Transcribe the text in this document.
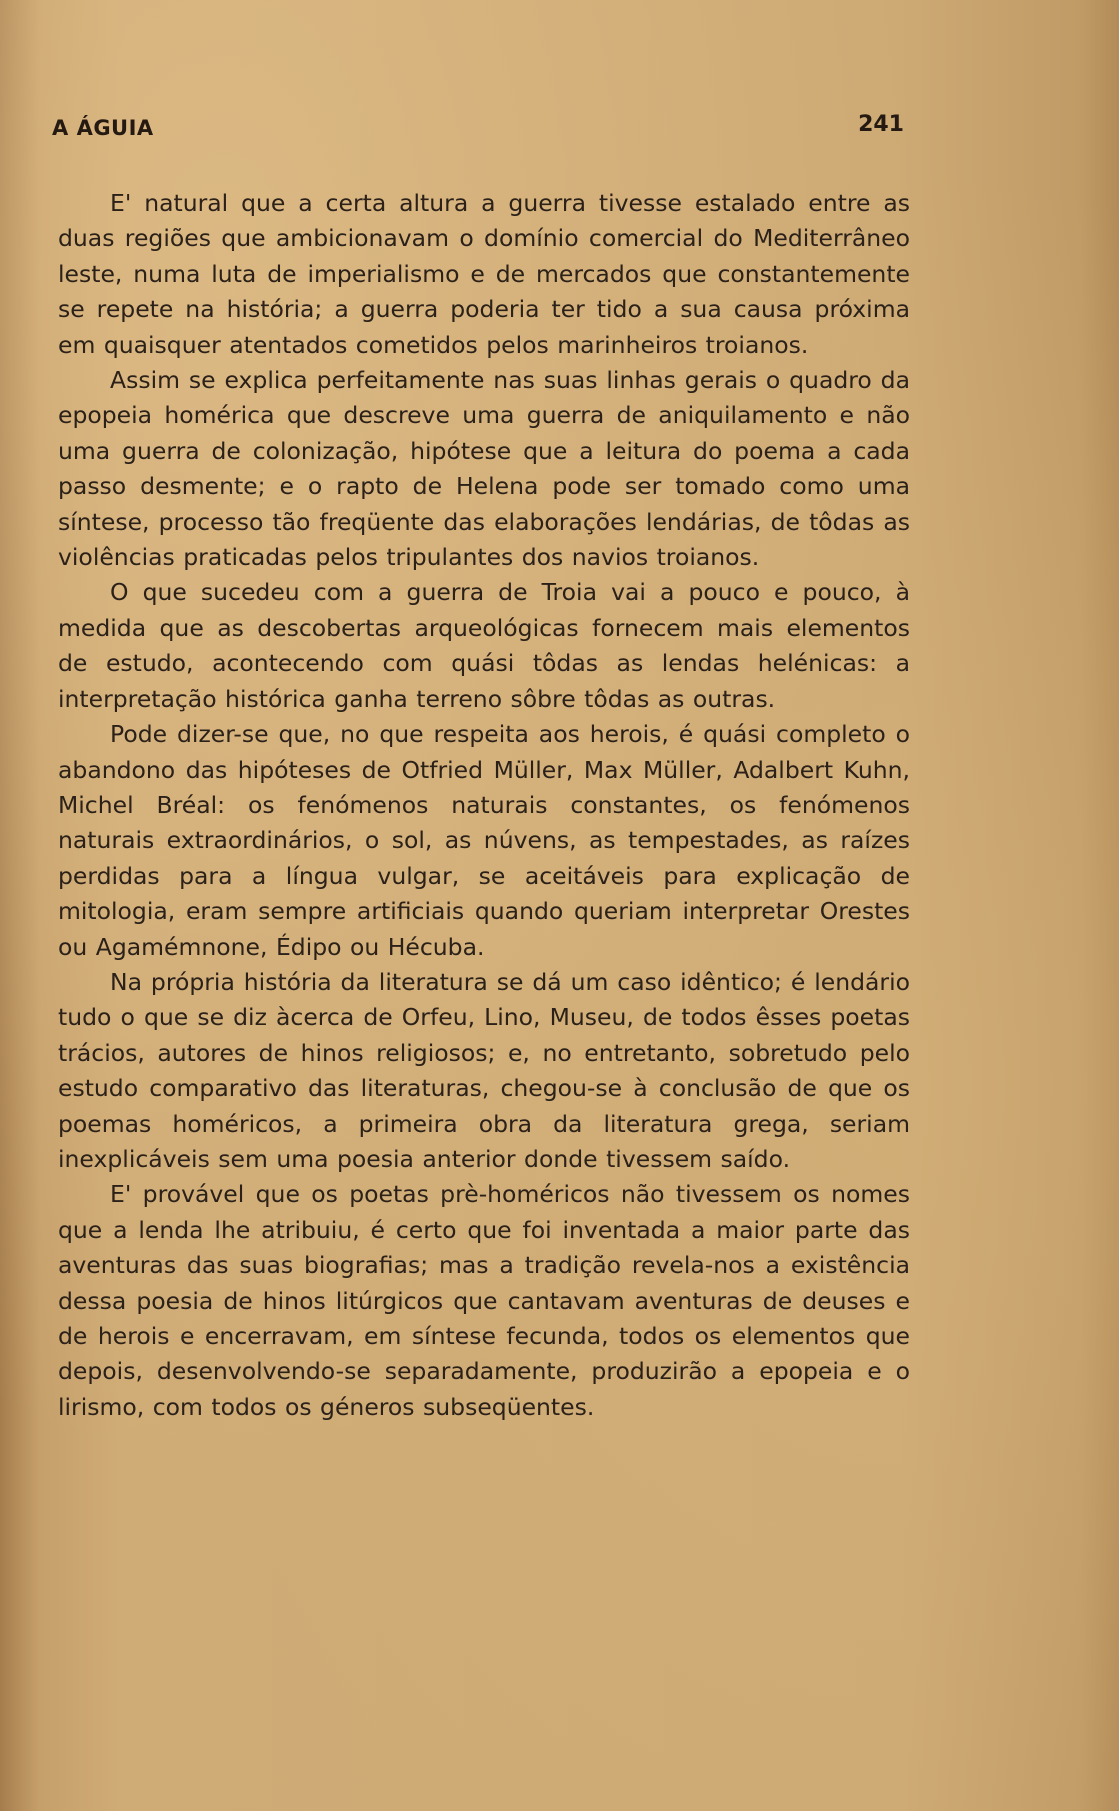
A ÁGUIA	241

E' natural que a certa altura a guerra tivesse estalado entre as duas regiões que ambicionavam o domínio comercial do Mediterrâneo leste, numa luta de imperialismo e de mercados que constantemente se repete na história; a guerra poderia ter tido a sua causa próxima em quaisquer atentados cometidos pelos marinheiros troianos.

Assim se explica perfeitamente nas suas linhas gerais o quadro da epopeia homérica que descreve uma guerra de aniquilamento e não uma guerra de colonização, hipótese que a leitura do poema a cada passo desmente; e o rapto de Helena pode ser tomado como uma síntese, processo tão freqüente das elaborações lendárias, de tôdas as violências praticadas pelos tripulantes dos navios troianos.

O que sucedeu com a guerra de Troia vai a pouco e pouco, à medida que as descobertas arqueológicas fornecem mais elementos de estudo, acontecendo com quási tôdas as lendas helénicas: a interpretação histórica ganha terreno sôbre tôdas as outras.

Pode dizer-se que, no que respeita aos herois, é quási completo o abandono das hipóteses de Otfried Müller, Max Müller, Adalbert Kuhn, Michel Bréal: os fenómenos naturais constantes, os fenómenos naturais extraordinários, o sol, as núvens, as tempestades, as raízes perdidas para a língua vulgar, se aceitáveis para explicação de mitologia, eram sempre artificiais quando queriam interpretar Orestes ou Agamémnone, Édipo ou Hécuba.

Na própria história da literatura se dá um caso idêntico; é lendário tudo o que se diz àcerca de Orfeu, Lino, Museu, de todos êsses poetas trácios, autores de hinos religiosos; e, no entretanto, sobretudo pelo estudo comparativo das literaturas, chegou-se à conclusão de que os poemas homéricos, a primeira obra da literatura grega, seriam inexplicáveis sem uma poesia anterior donde tivessem saído.

E' provável que os poetas prè-homéricos não tivessem os nomes que a lenda lhe atribuiu, é certo que foi inventada a maior parte das aventuras das suas biografias; mas a tradição revela-nos a existência dessa poesia de hinos litúrgicos que cantavam aventuras de deuses e de herois e encerravam, em síntese fecunda, todos os elementos que depois, desenvolvendo-se separadamente, produzirão a epopeia e o lirismo, com todos os géneros subseqüentes.
